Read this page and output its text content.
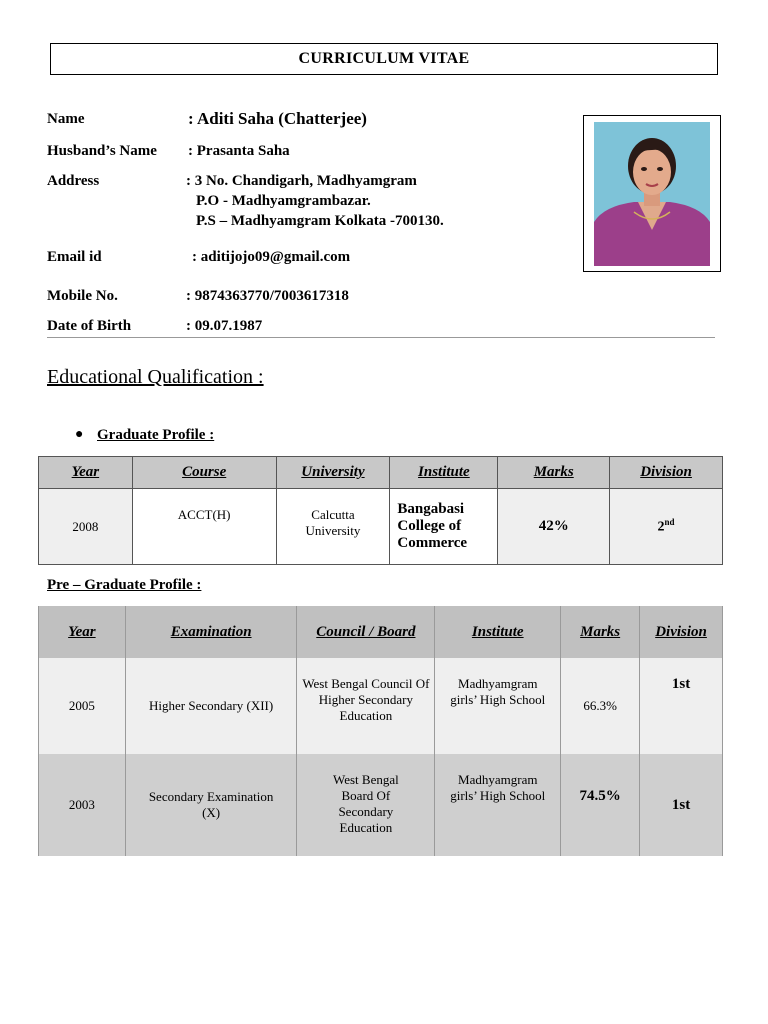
CURRICULUM VITAE
Name	: Aditi Saha (Chatterjee)
Husband’s Name : Prasanta Saha
Address	: 3 No. Chandigarh, Madhyamgram
P.O - Madhyamgrambazar.
P.S – Madhyamgram Kolkata -700130.
Email id	: aditijojo09@gmail.com
Mobile No.	: 9874363770/7003617318
Date of Birth	: 09.07.1987
Educational Qualification :
● Graduate Profile :
Year	Course	University	Institute	Marks	Division
2008	ACCT(H)	Calcutta University	Bangabasi College of Commerce	42%	2nd
Pre – Graduate Profile :
Year	Examination	Council / Board	Institute	Marks	Division
2005	Higher Secondary (XII)	West Bengal Council Of Higher Secondary Education	Madhyamgram girls’ High School	66.3%	1st
2003	Secondary Examination (X)	West Bengal Board Of Secondary Education	Madhyamgram girls’ High School	74.5%	1st
